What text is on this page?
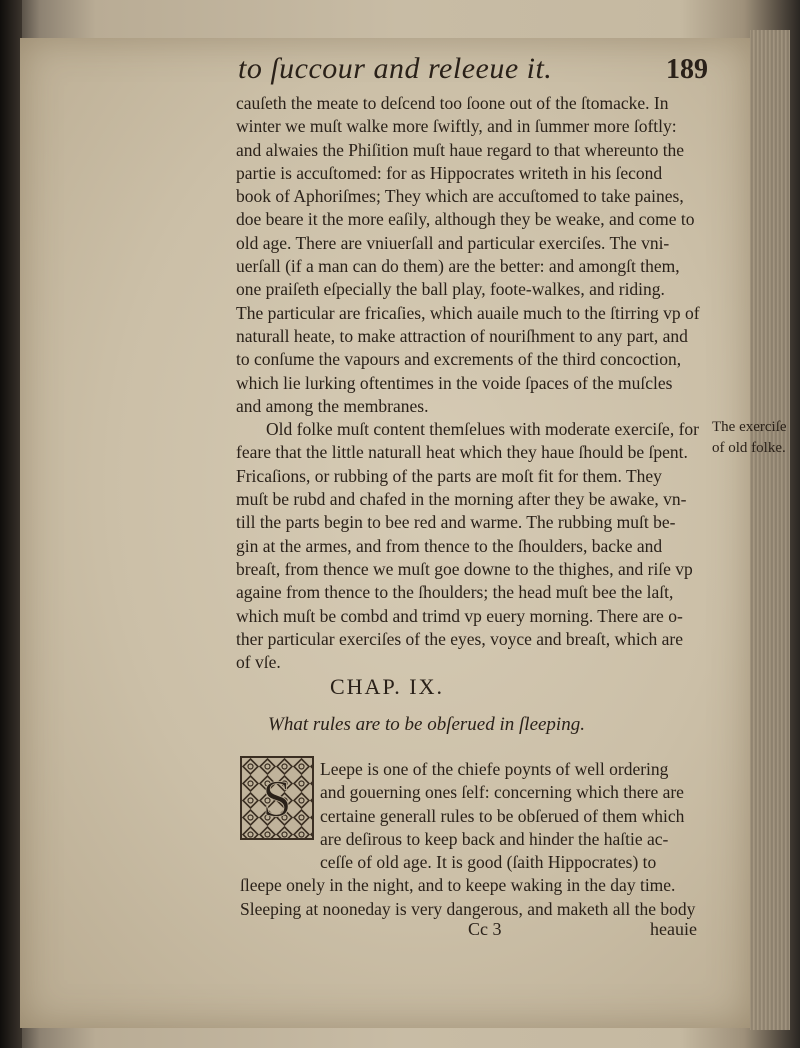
to ſuccour and releeue it.	189
cauſeth the meate to deſcend too ſoone out of the ſtomacke. In
winter we muſt walke more ſwiftly, and in ſummer more ſoftly:
and alwaies the Phiſition muſt haue regard to that whereunto the
partie is accuſtomed: for as Hippocrates writeth in his ſecond
book of Aphoriſmes; They which are accuſtomed to take paines,
doe beare it the more eaſily, although they be weake, and come to
old age. There are vniuerſall and particular exerciſes. The vni-
uerſall (if a man can do them) are the better: and amongſt them,
one praiſeth eſpecially the ball play, foote-walkes, and riding.
The particular are fricaſies, which auaile much to the ſtirring vp of
naturall heate, to make attraction of nouriſhment to any part, and
to conſume the vapours and excrements of the third concoction,
which lie lurking oftentimes in the voide ſpaces of the muſcles
and among the membranes.
Old folke muſt content themſelues with moderate exerciſe, for
feare that the little naturall heat which they haue ſhould be ſpent.
Fricaſions, or rubbing of the parts are moſt fit for them. They
muſt be rubd and chafed in the morning after they be awake, vn-
till the parts begin to bee red and warme. The rubbing muſt be-
gin at the armes, and from thence to the ſhoulders, backe and
breaſt, from thence we muſt goe downe to the thighes, and riſe vp
againe from thence to the ſhoulders; the head muſt bee the laſt,
which muſt be combd and trimd vp euery morning. There are o-
ther particular exerciſes of the eyes, voyce and breaſt, which are
of vſe.
The exerciſe
of old folke.
CHAP. IX.
What rules are to be obſerued in ſleeping.
S
Leepe is one of the chiefe poynts of well ordering
and gouerning ones ſelf: concerning which there are
certaine generall rules to be obſerued of them which
are deſirous to keep back and hinder the haſtie ac-
ceſſe of old age. It is good (ſaith Hippocrates) to
ſleepe onely in the night, and to keepe waking in the day time.
Sleeping at nooneday is very dangerous, and maketh all the body
Cc 3	heauie
